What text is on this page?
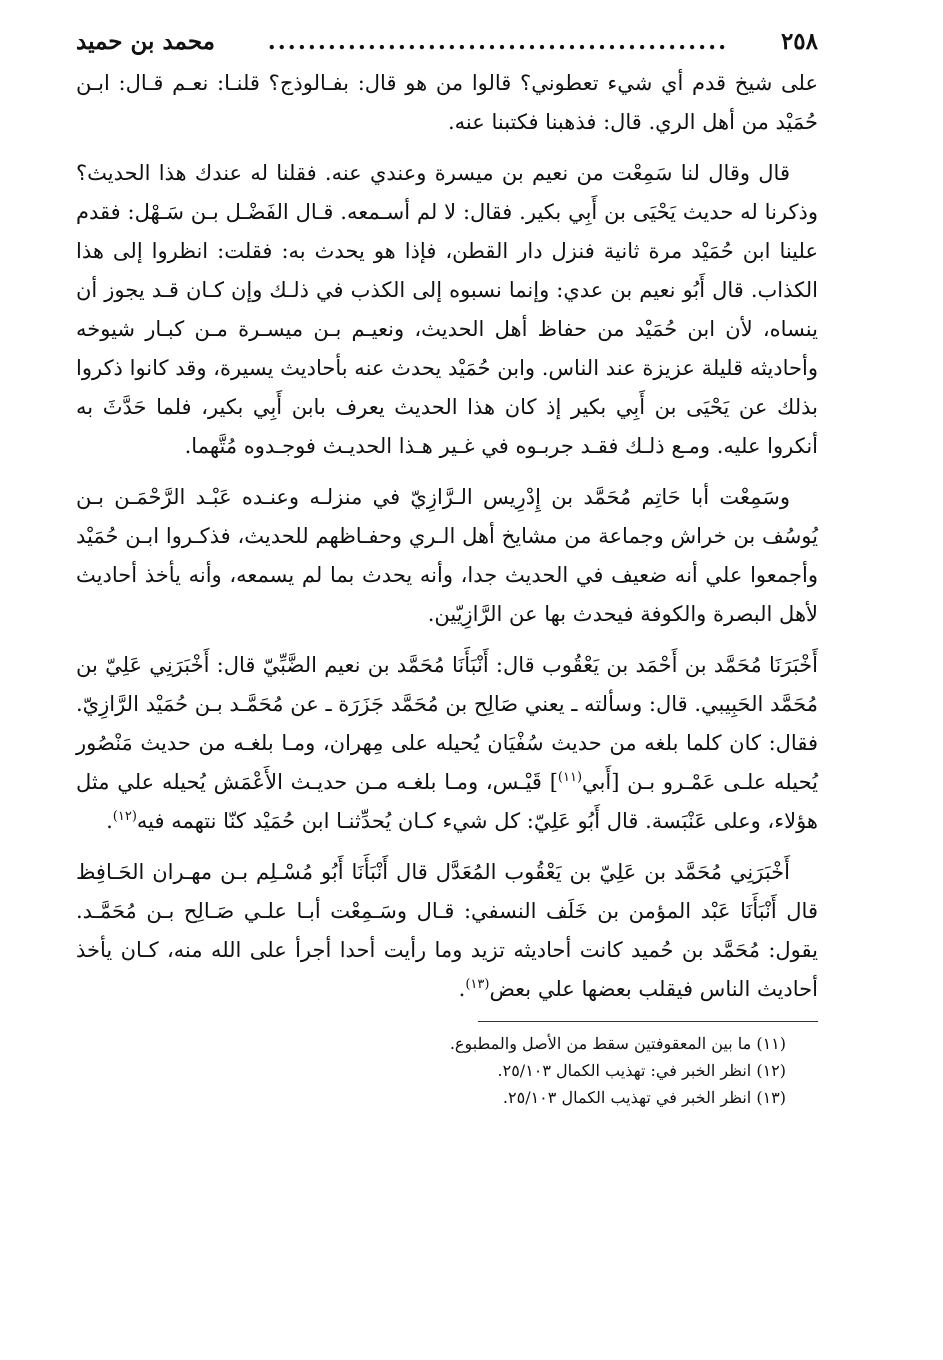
٢٥٨
..............................................
محمد بن حميد

على شيخ قدم أي شيء تعطوني؟ قالوا من هو قال: بفـالوذج؟ قلنـا: نعـم قـال: ابـن حُمَيْد من أهل الري. قال: فذهبنا فكتبنا عنه.

قال وقال لنا سَمِعْت من نعيم بن ميسرة وعندي عنه. فقلنا له عندك هذا الحديث؟ وذكرنا له حديث يَحْيَى بن أَبِي بكير. فقال: لا لم أسـمعه. قـال الفَضْـل بـن سَـهْل: فقدم علينا ابن حُمَيْد مرة ثانية فنزل دار القطن، فإذا هو يحدث به: فقلت: انظروا إلى هذا الكذاب. قال أَبُو نعيم بن عدي: وإنما نسبوه إلى الكذب في ذلـك وإن كـان قـد يجوز أن ينساه، لأن ابن حُمَيْد من حفاظ أهل الحديث، ونعيـم بـن ميسـرة مـن كبـار شيوخه وأحاديثه قليلة عزيزة عند الناس. وابن حُمَيْد يحدث عنه بأحاديث يسيرة، وقد كانوا ذكروا بذلك عن يَحْيَى بن أَبِي بكير إذ كان هذا الحديث يعرف بابن أَبِي بكير، فلما حَدَّثَ به أنكروا عليه. ومـع ذلـك فقـد جربـوه في غـير هـذا الحديـث فوجـدوه مُتَّهما.

وسَمِعْت أبا حَاتِم مُحَمَّد بن إِدْرِيس الـرَّازِيّ في منزلـه وعنـده عَبْـد الرَّحْمَـن بـن يُوسُف بن خراش وجماعة من مشايخ أهل الـري وحفـاظهم للحديث، فذكـروا ابـن حُمَيْد وأجمعوا علي أنه ضعيف في الحديث جدا، وأنه يحدث بما لم يسمعه، وأنه يأخذ أحاديث لأهل البصرة والكوفة فيحدث بها عن الرَّازِيّين.

أَخْبَرَنَا مُحَمَّد بن أَحْمَد بن يَعْقُوب قال: أَنْبَأَنَا مُحَمَّد بن نعيم الضَّبِّيّ قال: أَخْبَرَنِي عَلِيّ بن مُحَمَّد الحَبِيبي. قال: وسألته ـ يعني صَالِح بن مُحَمَّد جَزَرَة ـ عن مُحَمَّـد بـن حُمَيْد الرَّازِيّ. فقال: كان كلما بلغه من حديث سُفْيَان يُحيله على مِهران، ومـا بلغـه من حديث مَنْصُور يُحيله علـى عَمْـرو بـن [أَبي$^{(١١)}$] قَيْـس، ومـا بلغـه مـن حديـث الأَعْمَش يُحيله علي مثل هؤلاء، وعلى عَنْبَسة. قال أَبُو عَلِيّ: كل شيء كـان يُحدِّثنـا ابن حُمَيْد كنّا نتهمه فيه$^{(١٢)}$.

أَخْبَرَنِي مُحَمَّد بن عَلِيّ بن يَعْقُوب المُعَدَّل قال أَنْبَأَنَا أَبُو مُسْـلِم بـن مهـران الحَـافِظ قال أَنْبَأَنَا عَبْد المؤمن بن خَلَف النسفي: قـال وسَـمِعْت أبـا علـي صَـالِح بـن مُحَمَّـد. يقول: مُحَمَّد بن حُميد كانت أحاديثه تزيد وما رأيت أحدا أجرأ على الله منه، كـان يأخذ أحاديث الناس فيقلب بعضها علي بعض$^{(١٣)}$.

(١١) ما بين المعقوفتين سقط من الأصل والمطبوع.
(١٢) انظر الخبر في: تهذيب الكمال ٢٥/١٠٣.
(١٣) انظر الخبر في تهذيب الكمال ٢٥/١٠٣.
